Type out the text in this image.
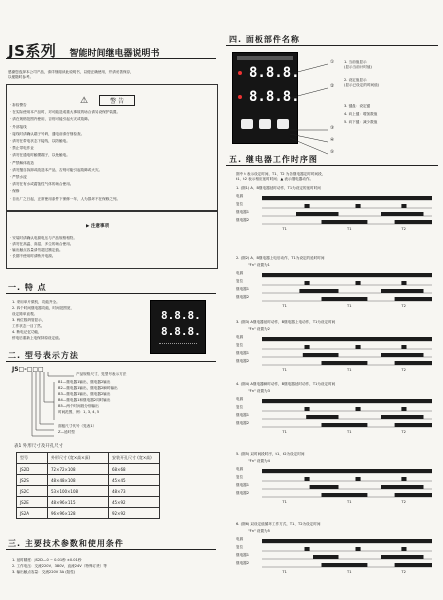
JS系列 智能时间继电器说明书
感谢您选择本公司产品，请详细阅读此说明书，以便正确使用，并请妥善保存，
以便随时参考。
⚠	警 告
· 拆检警告
· 在实际使用本产品时，对可能造成重大事故的场合请另设保护装置。
· 请在规格范围内使用，否则可能引起火灾或故障。
· 外部接线
· 接线时请确认端子号码，通电前请仔细检查。
· 请勿在带电状态下接线，以防触电。
· 禁止带电作业
· 请勿在通电时触摸端子，以免触电。
· 严禁解体改造
· 请勿擅自拆卸或改造本产品，否则可能引起故障或火灾。
· 严禁水浸
· 请勿在有水或腐蚀性气体的场合使用。
· 保修
· 自出厂之日起，正常使用条件下保修一年，人为损坏不在保修之列。
▶ 注意事项
· 安装时请确认电源电压与产品规格相符。
· 请勿在高温、高湿、多尘的场合使用。
· 输出触点容量请勿超过额定值。
· 长期不使用时请断开电源。
一. 特 点
1. 采用单片微机，功能齐全。
2. 四个时间继电器功能，时间范围宽，
设定简单直观。
3. 两位数码管显示，
工作状态一目了然。
4. 断电记忆功能，
停电后重新上电保持原设定值。
8.8.8.
8.8.8.
二. 型号表示方法
JS□-□□□
产品规格尺寸，见型号表示方法
B1—继电器1输出，继电器2输出
B2—继电器1输出，继电器2瞬时输出
B3—继电器1输出，继电器2输出
B4—继电器1和继电器2同时输出
B5—两个时间段分别输出
时间范围，例：1, 3, 4, 5
面板尺寸代号（见表1）
Z—延时型
表1 外形尺寸及开孔尺寸
型号	外形尺寸 (宽×高×深)	安装开孔尺寸 (宽×高)
JS2D	72×72×108	68×68
JS2S	48×48×108	45×45
JS2C	53×100×108	48×73
JS2E	48×96×115	45×92
JS2A	96×96×128	92×92
三. 主要技术参数和使用条件
1. 延时精度：JS2D—0 ~ 0.01秒 ±0.01秒
2. 工作电压：交流220V、380V，直流24V（特殊订货）等
3. 输出触点容量：交流220V 3A (阻性)
四. 面板部件名称
8.8.8.
8.8.8.
①
②
③
④
⑤
1. 当前值显示
(显示当前计时值)
2. 设定值显示
(显示已设定的时间值)
3. 键盘：设定键
4. 向上键：增加数值
5. 向下键：减少数值
五. 继电器工作时序图
图中 t 表示设定时间，T1、T2 为各继电器定时时间段，
t1、t2 表示相应延时时间；▲ 表示继电器动作。
1. (图1) A、B继电器延时动作，T1为设定的延时时间
电源
复位
继电器1
继电器2
T1	T1	T2
2. (图2) A、B继电器上电后动作，T1为设定的延时时间
"Fn" 设置为1
电源
复位
继电器1
继电器2
T1	T1	T2
3. (图3) A继电器延时动作，B继电器上电动作，T1为设定时间
"Fn" 设置为2
电源
复位
继电器1
继电器2
T1	T1	T2
4. (图4) A继电器瞬时动作，B继电器延时动作，T1为设定时间
"Fn" 设置为3
电源
复位
继电器1
继电器2
T1	T1	T2
5. (图5) 双时间段时序，t1、t2为设定时间
"Fn" 设置为4
电源
复位
继电器1
继电器2
T1	T1	T2
6. (图6) 双设定值循环工作方式，T1、T2为设定时间
"Fn" 设置为5
电源
复位
继电器1
继电器2
T1	T1	T2
